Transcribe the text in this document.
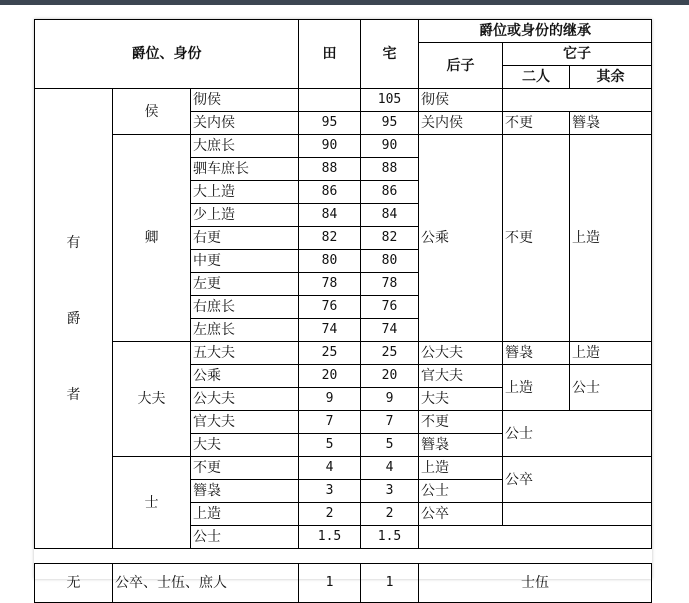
爵位、身份			田	宅	爵位或身份的继承		
					后子	它子	
						二人	其余
有
爵
者	侯	彻侯		105	彻侯		
		关内侯	95	95	关内侯	不更	簪袅
	卿	大庶长	90	90	公乘	不更	上造
		驷车庶长	88	88			
		大上造	86	86			
		少上造	84	84			
		右更	82	82			
		中更	80	80			
		左更	78	78			
		右庶长	76	76			
		左庶长	74	74			
	大夫	五大夫	25	25	公大夫	簪袅	上造
		公乘	20	20	官大夫	上造	公士
		公大夫	9	9	大夫		
		官大夫	7	7	不更	公士	
		大夫	5	5	簪袅		
	士	不更	4	4	上造	公卒	
		簪袅	3	3	公士		
		上造	2	2	公卒		
		公士	1.5	1.5			

无	公卒、士伍、庶人		1	1	士伍		
